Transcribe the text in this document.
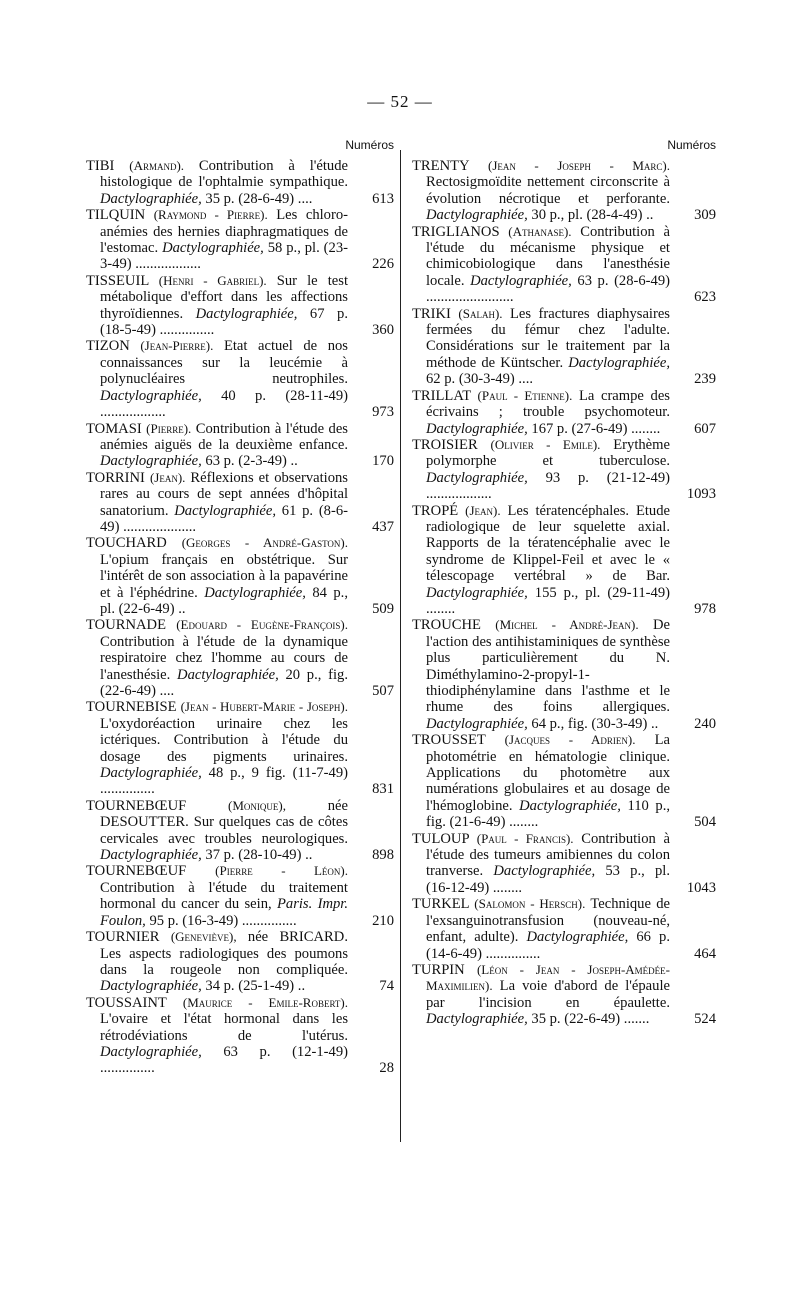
— 52 —
Numéros
TIBI (Armand). Contribution à l'étude histologique de l'ophtalmie sympathique. Dactylographiée, 35 p. (28-6-49) ....	613
TILQUIN (Raymond - Pierre). Les chloro-anémies des hernies diaphragmatiques de l'estomac. Dactylographiée, 58 p., pl. (23-3-49) ..................	226
TISSEUIL (Henri - Gabriel). Sur le test métabolique d'effort dans les affections thyroïdiennes. Dactylographiée, 67 p. (18-5-49) ...............	360
TIZON (Jean-Pierre). Etat actuel de nos connaissances sur la leucémie à polynucléaires neutrophiles. Dactylographiée, 40 p. (28-11-49) ..................	973
TOMASI (Pierre). Contribution à l'étude des anémies aiguës de la deuxième enfance. Dactylographiée, 63 p. (2-3-49) ..	170
TORRINI (Jean). Réflexions et observations rares au cours de sept années d'hôpital sanatorium. Dactylographiée, 61 p. (8-6-49) ....................	437
TOUCHARD (Georges - André-Gaston). L'opium français en obstétrique. Sur l'intérêt de son association à la papavérine et à l'éphédrine. Dactylographiée, 84 p., pl. (22-6-49) ..	509
TOURNADE (Edouard - Eugène-François). Contribution à l'étude de la dynamique respiratoire chez l'homme au cours de l'anesthésie. Dactylographiée, 20 p., fig. (22-6-49) ....	507
TOURNEBISE (Jean - Hubert-Marie - Joseph). L'oxydoréaction urinaire chez les ictériques. Contribution à l'étude du dosage des pigments urinaires. Dactylographiée, 48 p., 9 fig. (11-7-49) ...............	831
TOURNEBŒUF	(Monique),	née DESOUTTER. Sur quelques cas de côtes cervicales avec troubles neurologiques. Dactylographiée, 37 p. (28-10-49) ..	898
TOURNEBŒUF (Pierre - Léon). Contribution à l'étude du traitement hormonal du cancer du sein, Paris. Impr. Foulon, 95 p. (16-3-49) ...............	210
TOURNIER (Geneviève), née BRICARD. Les aspects radiologiques des poumons dans la rougeole non compliquée. Dactylographiée, 34 p. (25-1-49) ..	74
TOUSSAINT (Maurice - Emile-Robert). L'ovaire et l'état hormonal dans les rétrodéviations de l'utérus. Dactylographiée, 63 p. (12-1-49) ...............	28
Numéros
TRENTY (Jean - Joseph - Marc). Rectosigmoïdite nettement circonscrite à évolution nécrotique et perforante. Dactylographiée, 30 p., pl. (28-4-49) ..	309
TRIGLIANOS (Athanase). Contribution à l'étude du mécanisme physique et chimicobiologique dans l'anesthésie locale. Dactylographiée, 63 p. (28-6-49) ........................	623
TRIKI (Salah). Les fractures diaphysaires fermées du fémur chez l'adulte. Considérations sur le traitement par la méthode de Küntscher. Dactylographiée, 62 p. (30-3-49) ....	239
TRILLAT (Paul - Etienne). La crampe des écrivains ; trouble psychomoteur. Dactylographiée, 167 p. (27-6-49) ........	607
TROISIER (Olivier - Emile). Erythème polymorphe et tuberculose. Dactylographiée, 93 p. (21-12-49) ..................	1093
TROPÉ (Jean). Les tératencéphales. Etude radiologique de leur squelette axial. Rapports de la tératencéphalie avec le syndrome de Klippel-Feil et avec le « télescopage vertébral » de Bar. Dactylographiée, 155 p., pl. (29-11-49) ........	978
TROUCHE (Michel - André-Jean). De l'action des antihistaminiques de synthèse plus particulièrement du N. Diméthylamino-2-propyl-1-thiodiphénylamine dans l'asthme et le rhume des foins allergiques. Dactylographiée, 64 p., fig. (30-3-49) ..	240
TROUSSET (Jacques - Adrien). La photométrie en hématologie clinique. Applications du photomètre aux numérations globulaires et au dosage de l'hémoglobine. Dactylographiée, 110 p., fig. (21-6-49) ........	504
TULOUP (Paul - Francis). Contribution à l'étude des tumeurs amibiennes du colon tranverse. Dactylographiée, 53 p., pl. (16-12-49) ........	1043
TURKEL (Salomon - Hersch). Technique de l'exsanguinotransfusion (nouveau-né, enfant, adulte). Dactylographiée, 66 p. (14-6-49) ...............	464
TURPIN (Léon - Jean - Joseph-Amédée-Maximilien). La voie d'abord de l'épaule par l'incision en épaulette. Dactylographiée, 35 p. (22-6-49) .......	524
